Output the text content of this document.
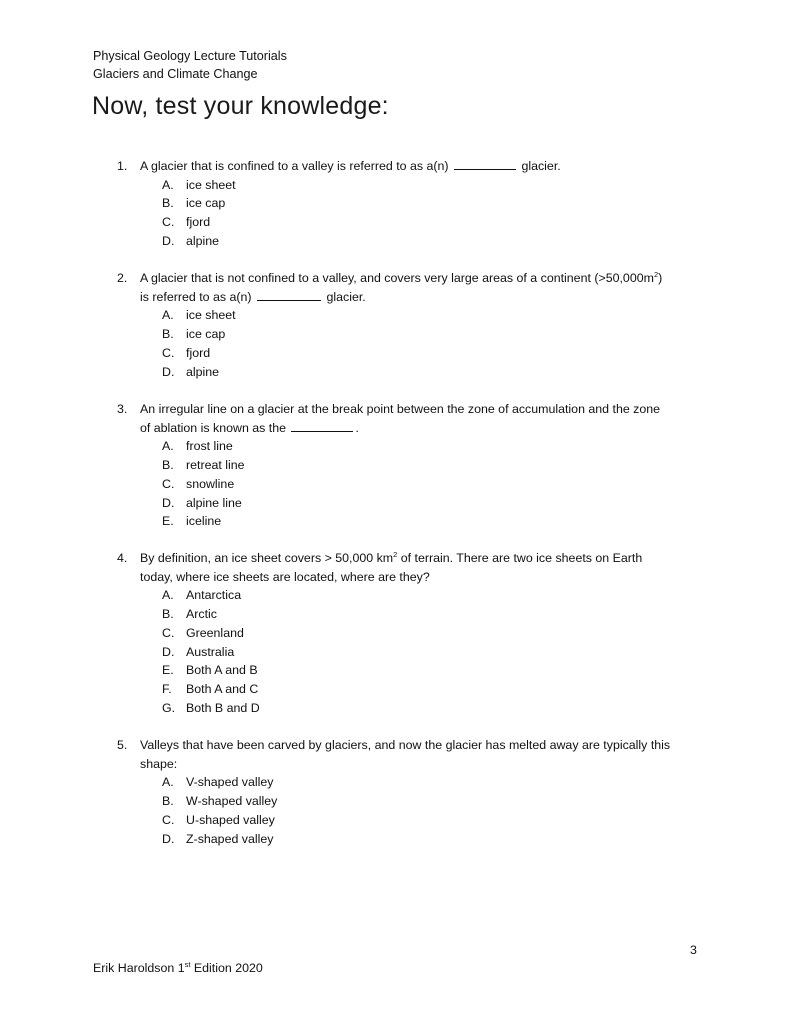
Physical Geology Lecture Tutorials
Glaciers and Climate Change
Now, test your knowledge:
1. A glacier that is confined to a valley is referred to as a(n)	glacier.
A. ice sheet
B. ice cap
C. fjord
D. alpine
2. A glacier that is not confined to a valley, and covers very large areas of a continent $(>50,000m^2)$
is referred to as a(n)	glacier.
A. ice sheet
B. ice cap
C. fjord
D. alpine
3. An irregular line on a glacier at the break point between the zone of accumulation and the zone
of ablation is known as the	.
A. frost line
B. retreat line
C. snowline
D. alpine line
E. iceline
4. By definition, an ice sheet covers > 50,000 $km^2$ of terrain. There are two ice sheets on Earth
today, where ice sheets are located, where are they?
A. Antarctica
B. Arctic
C. Greenland
D. Australia
E. Both A and B
F. Both A and C
G. Both B and D
5. Valleys that have been carved by glaciers, and now the glacier has melted away are typically this
shape:
A. V-shaped valley
B. W-shaped valley
C. U-shaped valley
D. Z-shaped valley
3
Erik Haroldson 1st Edition 2020
